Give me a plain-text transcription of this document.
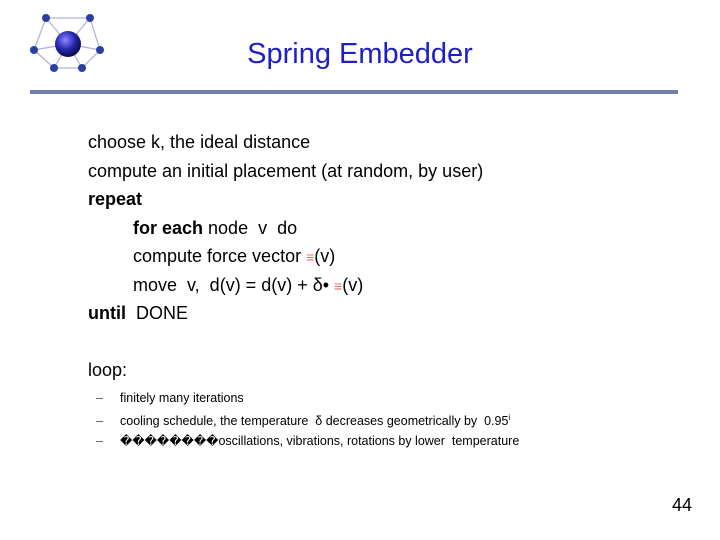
Spring Embedder
choose k, the ideal distance
compute an initial placement (at random, by user)
repeat
for each node  v  do
compute force vector ≡(v)
move  v,  d(v) = d(v) + δ• ≡(v)
until  DONE
loop:
– finitely many iterations
– cooling schedule, the temperature  δ decreases geometrically by  0.95$^i$
– ��������oscillations, vibrations, rotations by lower  temperature
44
